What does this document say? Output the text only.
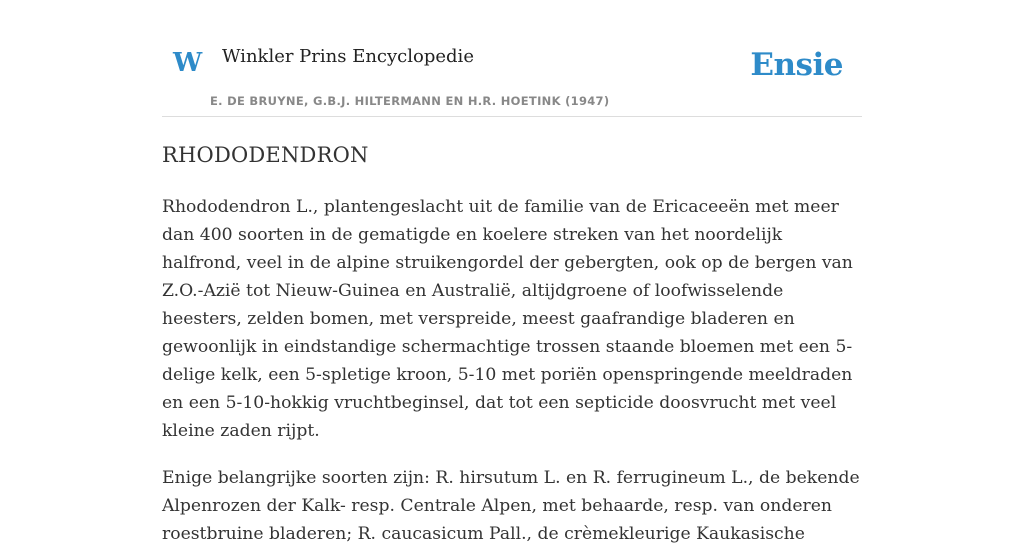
W Winkler Prins Encyclopedie
E. DE BRUYNE, G.B.J. HILTERMANN EN H.R. HOETINK (1947)
Ensie
RHODODENDRON

Rhododendron L., plantengeslacht uit de familie van de Ericaceeën met meer dan 400 soorten in de gematigde en koelere streken van het noordelijk halfrond, veel in de alpine struikengordel der gebergten, ook op de bergen van Z.O.-Azië tot Nieuw-Guinea en Australië, altijdgroene of loofwisselende heesters, zelden bomen, met verspreide, meest gaafrandige bladeren en gewoonlijk in eindstandige schermachtige trossen staande bloemen met een 5-delige kelk, een 5-spletige kroon, 5-10 met poriën openspringende meeldraden en een 5-10-hokkig vruchtbeginsel, dat tot een septicide doosvrucht met veel kleine zaden rijpt.

Enige belangrijke soorten zijn: R. hirsutum L. en R. ferrugineum L., de bekende Alpenrozen der Kalk- resp. Centrale Alpen, met behaarde, resp. van onderen roestbruine bladeren; R. caucasicum Pall., de crèmekleurige Kaukasische
